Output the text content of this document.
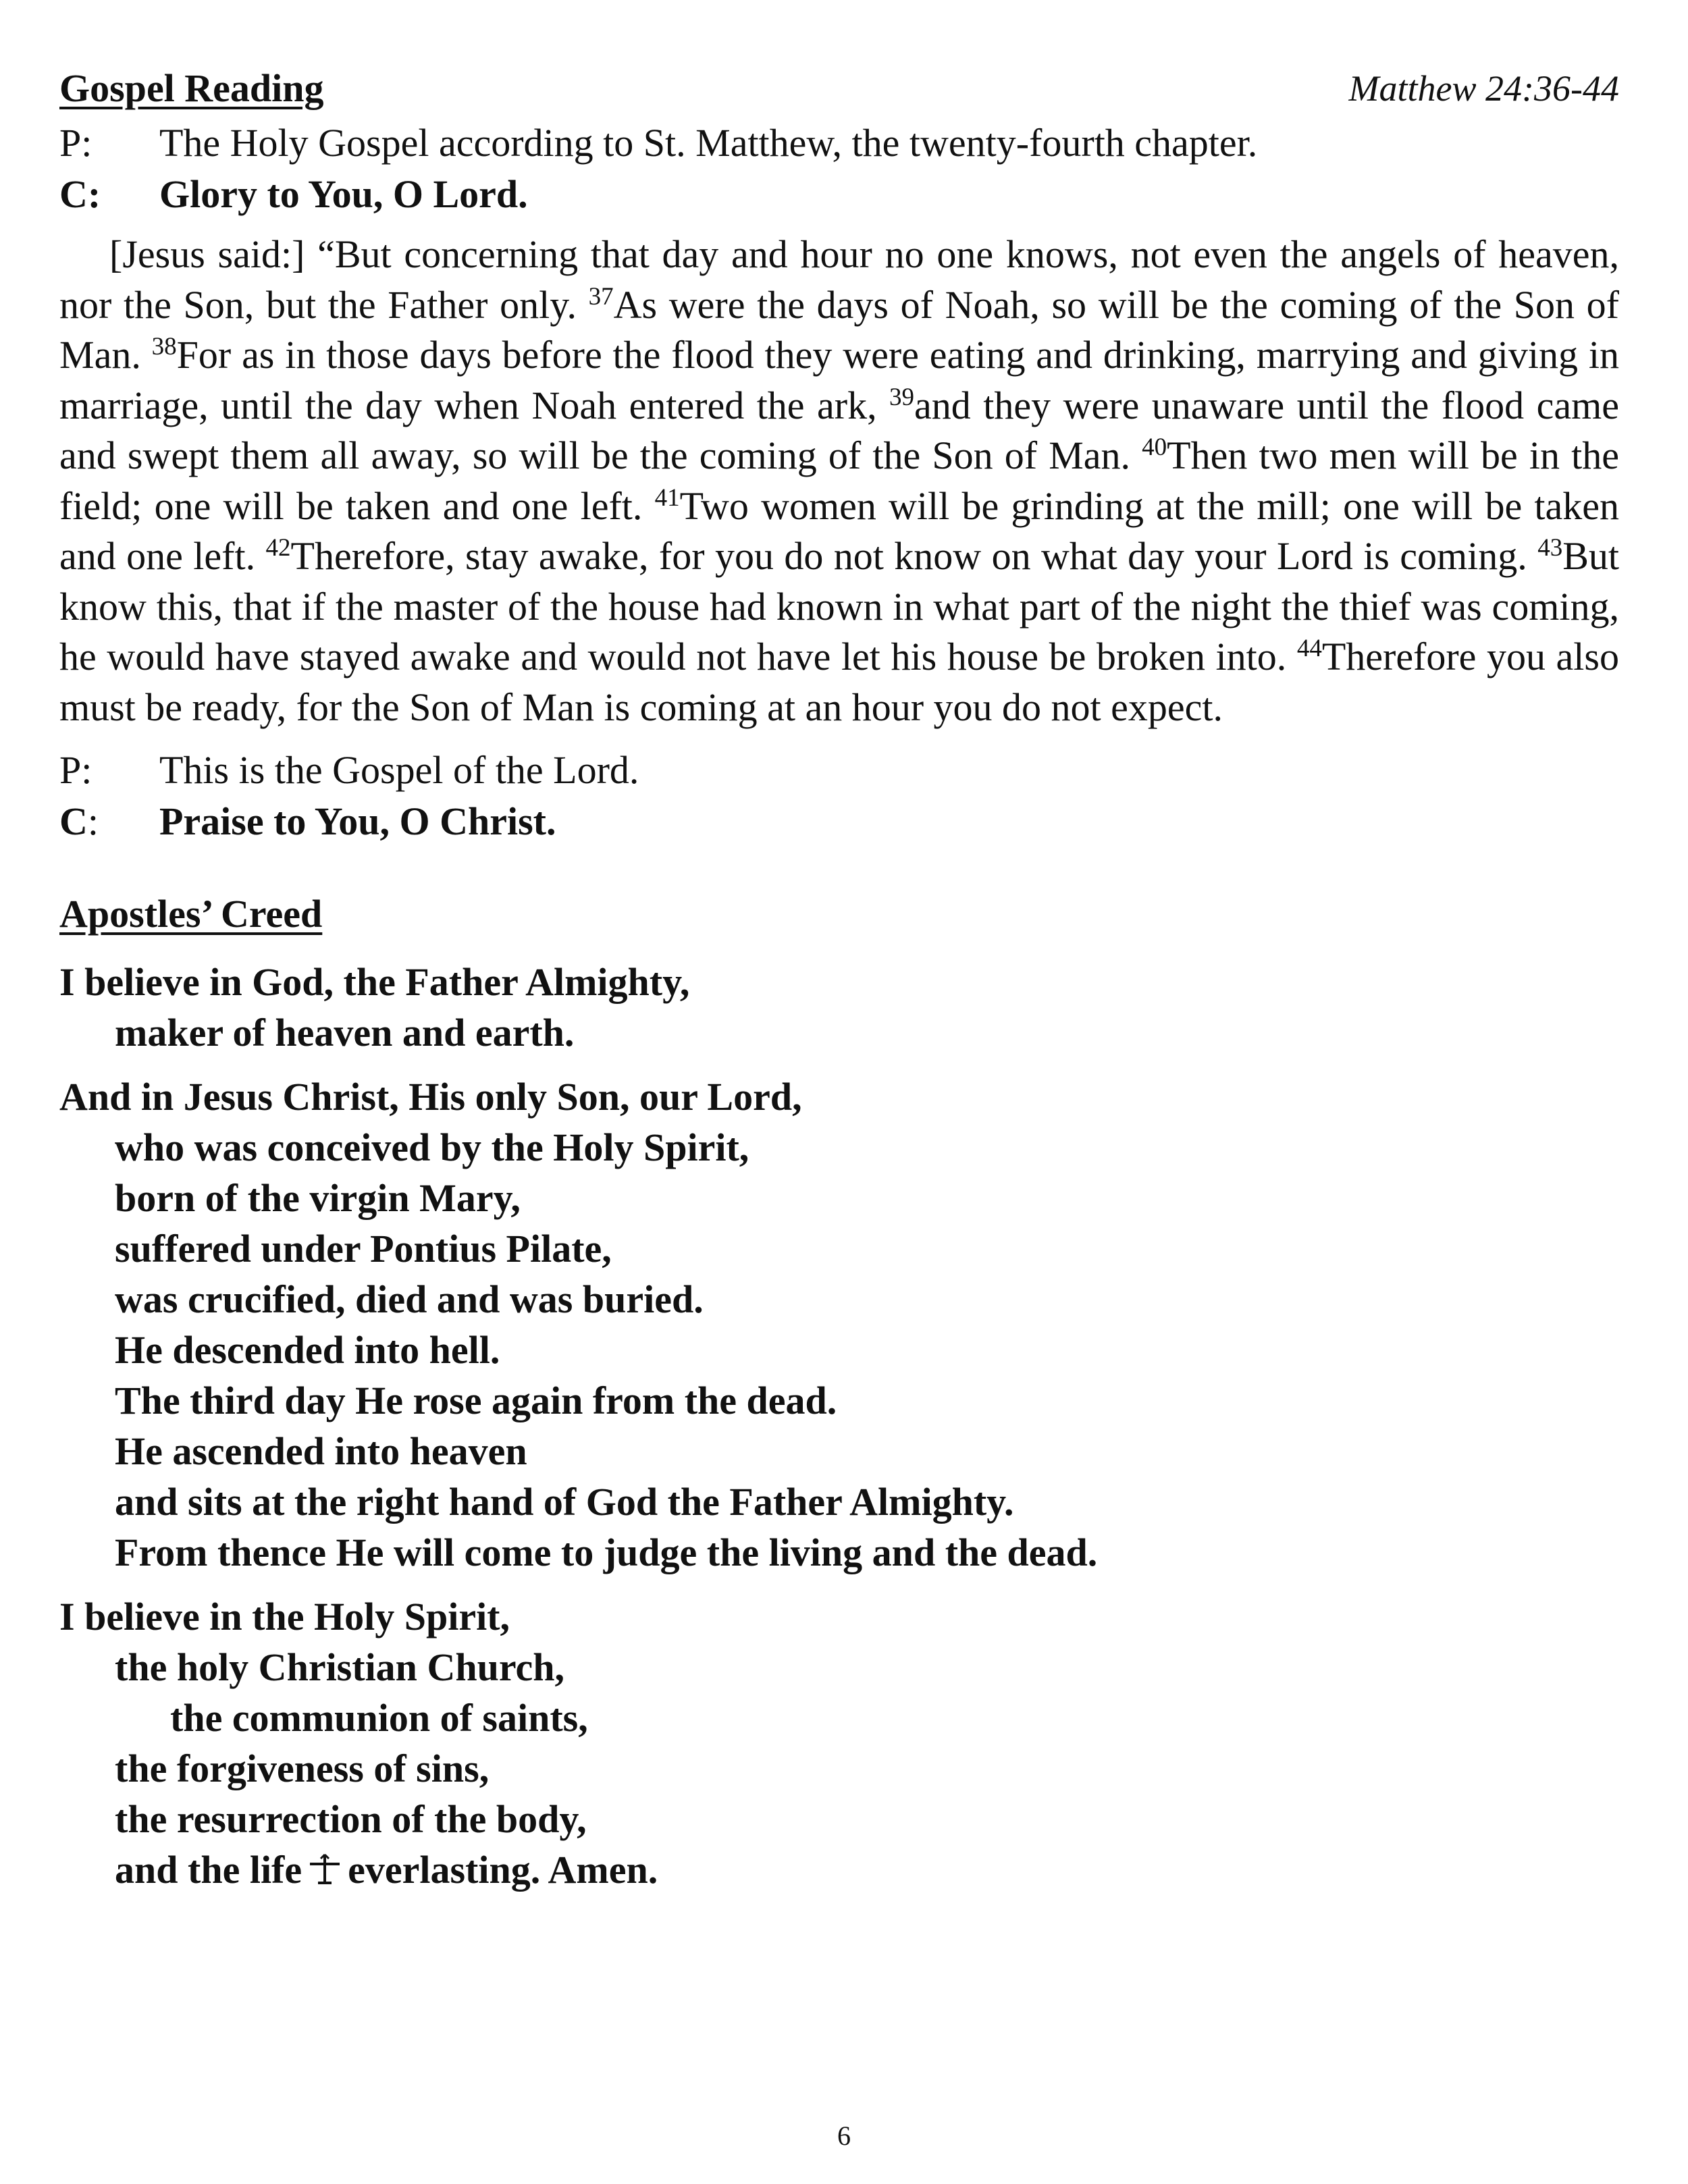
Gospel Reading	Matthew 24:36-44
P:	The Holy Gospel according to St. Matthew, the twenty-fourth chapter.
C:	Glory to You, O Lord.

[Jesus said:] “But concerning that day and hour no one knows, not even the angels of heaven, nor the Son, but the Father only. $^{37}$As were the days of Noah, so will be the coming of the Son of Man. $^{38}$For as in those days before the flood they were eating and drinking, marrying and giving in marriage, until the day when Noah entered the ark, $^{39}$and they were unaware until the flood came and swept them all away, so will be the coming of the Son of Man. $^{40}$Then two men will be in the field; one will be taken and one left. $^{41}$Two women will be grinding at the mill; one will be taken and one left. $^{42}$Therefore, stay awake, for you do not know on what day your Lord is coming. $^{43}$But know this, that if the master of the house had known in what part of the night the thief was coming, he would have stayed awake and would not have let his house be broken into. $^{44}$Therefore you also must be ready, for the Son of Man is coming at an hour you do not expect.

P:	This is the Gospel of the Lord.
C:	Praise to You, O Christ.
Apostles’ Creed
I believe in God, the Father Almighty,
maker of heaven and earth.
And in Jesus Christ, His only Son, our Lord,
who was conceived by the Holy Spirit,
born of the virgin Mary,
suffered under Pontius Pilate,
was crucified, died and was buried.
He descended into hell.
The third day He rose again from the dead.
He ascended into heaven
and sits at the right hand of God the Father Almighty.
From thence He will come to judge the living and the dead.
I believe in the Holy Spirit,
the holy Christian Church,
the communion of saints,
the forgiveness of sins,
the resurrection of the body,
and the life everlasting. Amen.
6
